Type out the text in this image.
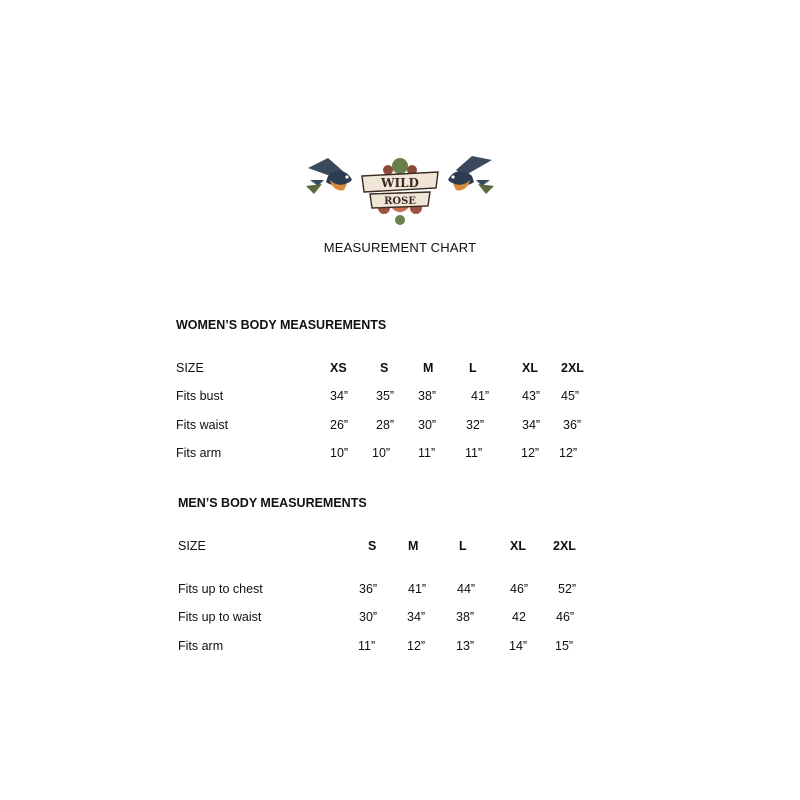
WILD
ROSE
MEASUREMENT CHART
WOMEN’S BODY MEASUREMENTS
SIZE	XS	S	M	L	XL 2XL
Fits bust	34” 35” 38”	41”	43” 45”
Fits waist	26” 28” 30” 32”	34” 36”
Fits arm	10” 10” 11” 11”	12” 12”
MEN’S BODY MEASUREMENTS
SIZE	S	M	L	XL 2XL
Fits up to chest	36” 41” 44”	46” 52”
Fits up to waist	30” 34” 38”	42 46”
Fits arm	11”	12” 13”	14” 15”
